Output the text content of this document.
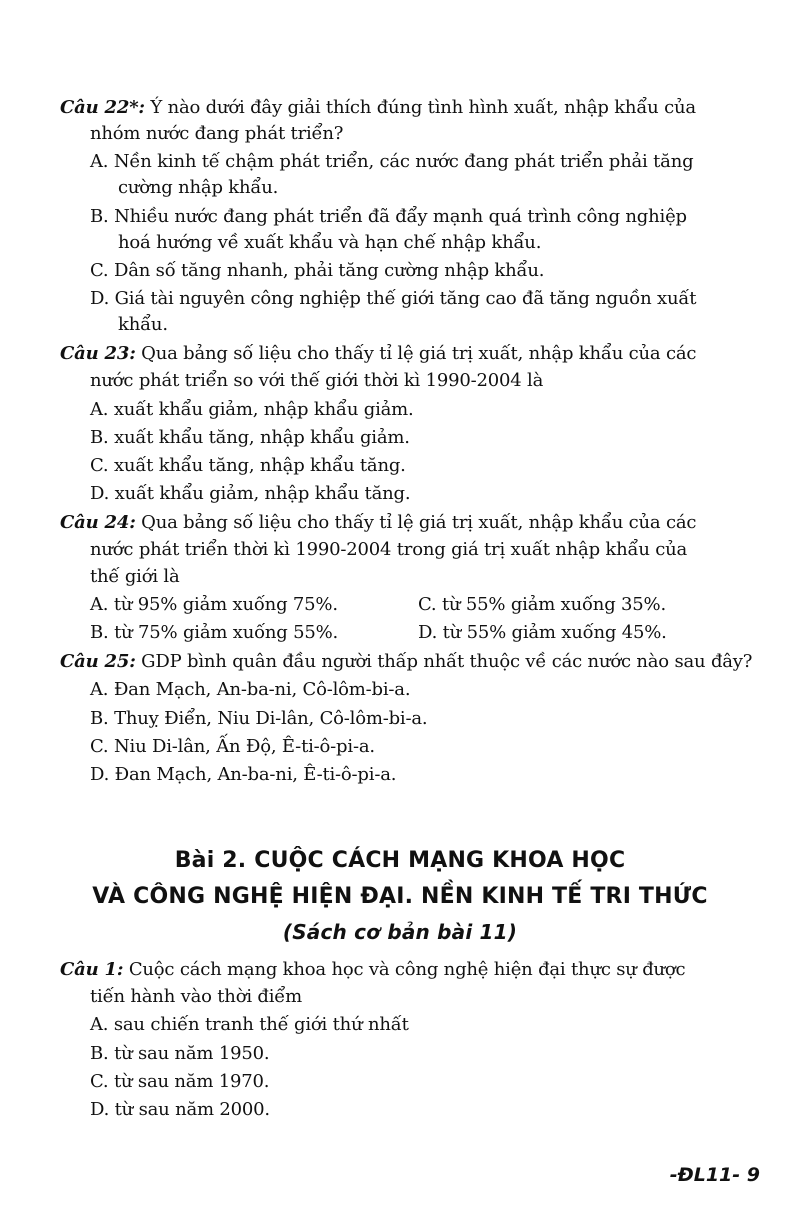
Câu 22*: Ý nào dưới đây giải thích đúng tình hình xuất, nhập khẩu của
nhóm nước đang phát triển?
A. Nền kinh tế chậm phát triển, các nước đang phát triển phải tăng
cường nhập khẩu.
B. Nhiều nước đang phát triển đã đẩy mạnh quá trình công nghiệp
hoá hướng về xuất khẩu và hạn chế nhập khẩu.
C. Dân số tăng nhanh, phải tăng cường nhập khẩu.
D. Giá tài nguyên công nghiệp thế giới tăng cao đã tăng nguồn xuất
khẩu.
Câu 23: Qua bảng số liệu cho thấy tỉ lệ giá trị xuất, nhập khẩu của các
nước phát triển so với thế giới thời kì 1990-2004 là
A. xuất khẩu giảm, nhập khẩu giảm.
B. xuất khẩu tăng, nhập khẩu giảm.
C. xuất khẩu tăng, nhập khẩu tăng.
D. xuất khẩu giảm, nhập khẩu tăng.
Câu 24: Qua bảng số liệu cho thấy tỉ lệ giá trị xuất, nhập khẩu của các
nước phát triển thời kì 1990-2004 trong giá trị xuất nhập khẩu của
thế giới là
A. từ 95% giảm xuống 75%.	C. từ 55% giảm xuống 35%.
B. từ 75% giảm xuống 55%.	D. từ 55% giảm xuống 45%.
Câu 25: GDP bình quân đầu người thấp nhất thuộc về các nước nào sau đây?
A. Đan Mạch, An-ba-ni, Cô-lôm-bi-a.
B. Thuỵ Điển, Niu Di-lân, Cô-lôm-bi-a.
C. Niu Di-lân, Ấn Độ, Ê-ti-ô-pi-a.
D. Đan Mạch, An-ba-ni, Ê-ti-ô-pi-a.
Bài 2. CUỘC CÁCH MẠNG KHOA HỌC
VÀ CÔNG NGHỆ HIỆN ĐẠI. NỀN KINH TẾ TRI THỨC
(Sách cơ bản bài 11)
Câu 1: Cuộc cách mạng khoa học và công nghệ hiện đại thực sự được
tiến hành vào thời điểm
A. sau chiến tranh thế giới thứ nhất
B. từ sau năm 1950.
C. từ sau năm 1970.
D. từ sau năm 2000.
-ĐL11- 9
